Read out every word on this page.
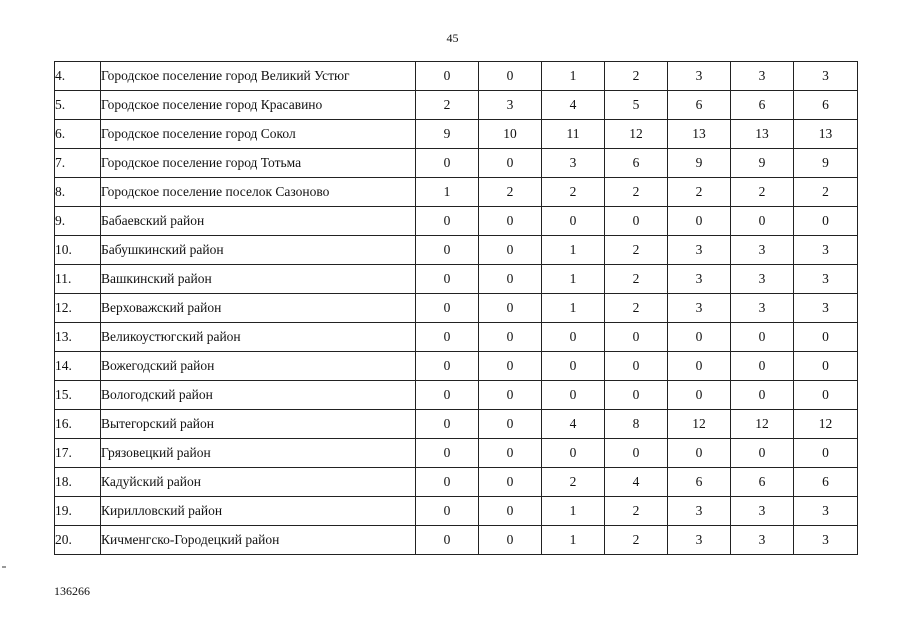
45
4.	Городское поселение город Великий Устюг	0	0	1	2	3	3	3
5.	Городское поселение город Красавино	2	3	4	5	6	6	6
6.	Городское поселение город Сокол	9	10	11	12	13	13	13
7.	Городское поселение город Тотьма	0	0	3	6	9	9	9
8.	Городское поселение поселок Сазоново	1	2	2	2	2	2	2
9.	Бабаевский район	0	0	0	0	0	0	0
10.	Бабушкинский район	0	0	1	2	3	3	3
11.	Вашкинский район	0	0	1	2	3	3	3
12.	Верховажский район	0	0	1	2	3	3	3
13.	Великоустюгский район	0	0	0	0	0	0	0
14.	Вожегодский район	0	0	0	0	0	0	0
15.	Вологодский район	0	0	0	0	0	0	0
16.	Вытегорский район	0	0	4	8	12	12	12
17.	Грязовецкий район	0	0	0	0	0	0	0
18.	Кадуйский район	0	0	2	4	6	6	6
19.	Кирилловский район	0	0	1	2	3	3	3
20.	Кичменгско-Городецкий район	0	0	1	2	3	3	3
136266
